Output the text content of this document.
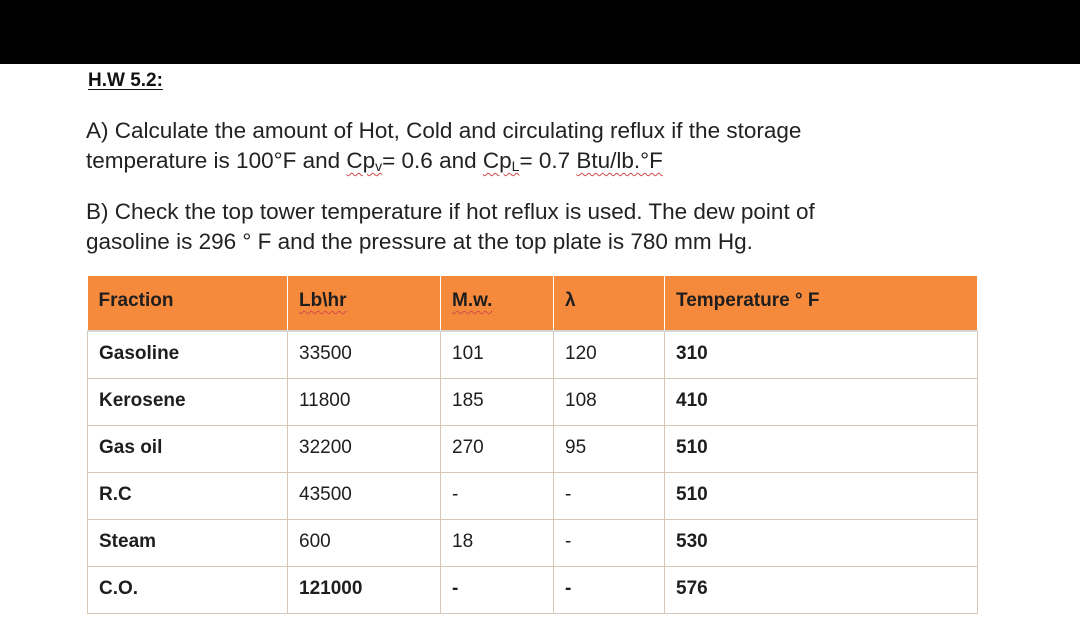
H.W 5.2:
A) Calculate the amount of Hot, Cold and circulating reflux if the storage
temperature is 100°F and $Cp_v= 0.6$ and $Cp_L= 0.7$ Btu/lb.°F
B) Check the top tower temperature if hot reflux is used. The dew point of
gasoline is 296 ° F and the pressure at the top plate is 780 mm Hg.
Fraction	Lb\hr	M.w.	λ	Temperature ° F
Gasoline	33500	101	120	310
Kerosene	11800	185	108	410
Gas oil	32200	270	95	510
R.C	43500	-	-	510
Steam	600	18	-	530
C.O.	121000	-	-	576
